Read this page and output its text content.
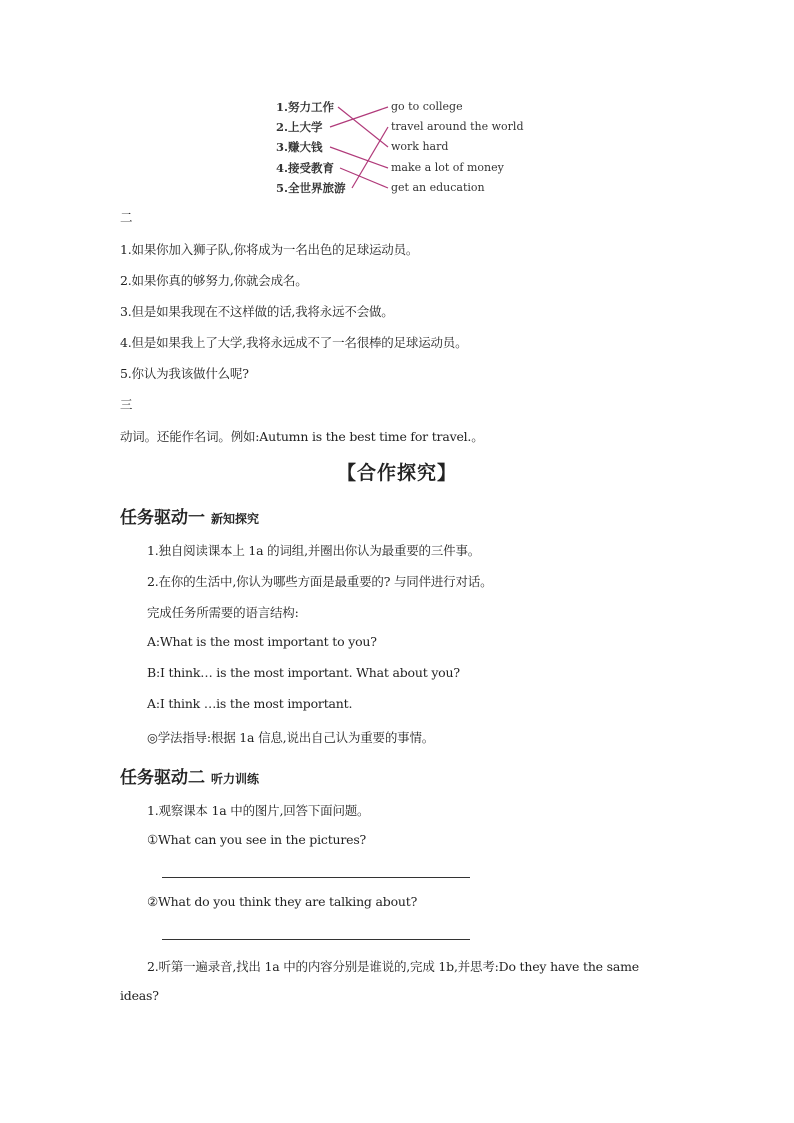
1.努力工作
2.上大学
3.赚大钱
4.接受教育
5.全世界旅游
go to college
travel around the world
work hard
make a lot of money
get an education
二
1.如果你加入狮子队,你将成为一名出色的足球运动员。
2.如果你真的够努力,你就会成名。
3.但是如果我现在不这样做的话,我将永远不会做。
4.但是如果我上了大学,我将永远成不了一名很棒的足球运动员。
5.你认为我该做什么呢?
三
动词。还能作名词。例如:Autumn is the best time for travel.。
【合作探究】
任务驱动一 新知探究
1.独自阅读课本上 1a 的词组,并圈出你认为最重要的三件事。
2.在你的生活中,你认为哪些方面是最重要的? 与同伴进行对话。
完成任务所需要的语言结构:
A:What is the most important to you?
B:I think… is the most important. What about you?
A:I think …is the most important.
◎学法指导:根据 1a 信息,说出自己认为重要的事情。
任务驱动二 听力训练
1.观察课本 1a 中的图片,回答下面问题。
①What can you see in the pictures?
②What do you think they are talking about?
2.听第一遍录音,找出 1a 中的内容分别是谁说的,完成 1b,并思考:Do they have the same
ideas?
